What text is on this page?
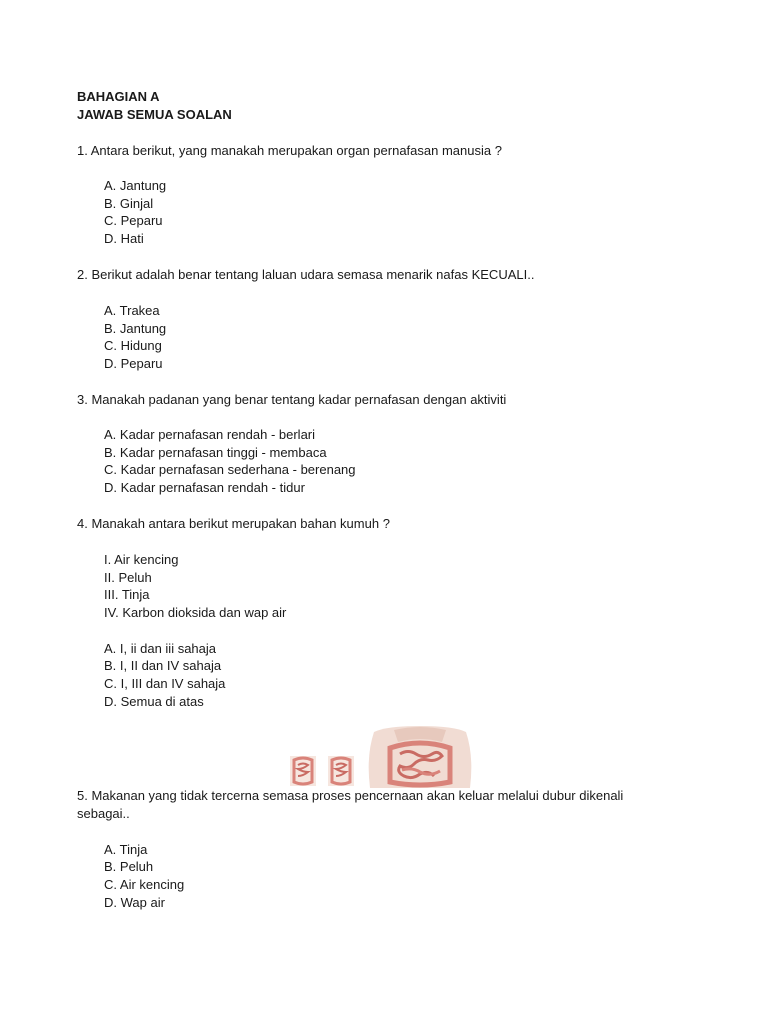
BAHAGIAN A
JAWAB SEMUA SOALAN
1. Antara berikut, yang manakah merupakan organ pernafasan manusia ?
A. Jantung
B. Ginjal
C. Peparu
D. Hati
2. Berikut adalah benar tentang laluan udara semasa menarik nafas KECUALI..
A. Trakea
B. Jantung
C. Hidung
D. Peparu
3. Manakah padanan yang benar tentang kadar pernafasan dengan aktiviti
A. Kadar pernafasan rendah - berlari
B. Kadar pernafasan tinggi - membaca
C. Kadar pernafasan sederhana - berenang
D. Kadar pernafasan rendah - tidur
4. Manakah antara berikut merupakan bahan kumuh ?
I. Air kencing
II. Peluh
III. Tinja
IV. Karbon dioksida dan wap air
A. I, ii dan iii sahaja
B. I, II dan IV sahaja
C. I, III dan IV sahaja
D. Semua di atas
5. Makanan yang tidak tercerna semasa proses pencernaan akan keluar melalui dubur dikenali
sebagai..
A. Tinja
B. Peluh
C. Air kencing
D. Wap air
